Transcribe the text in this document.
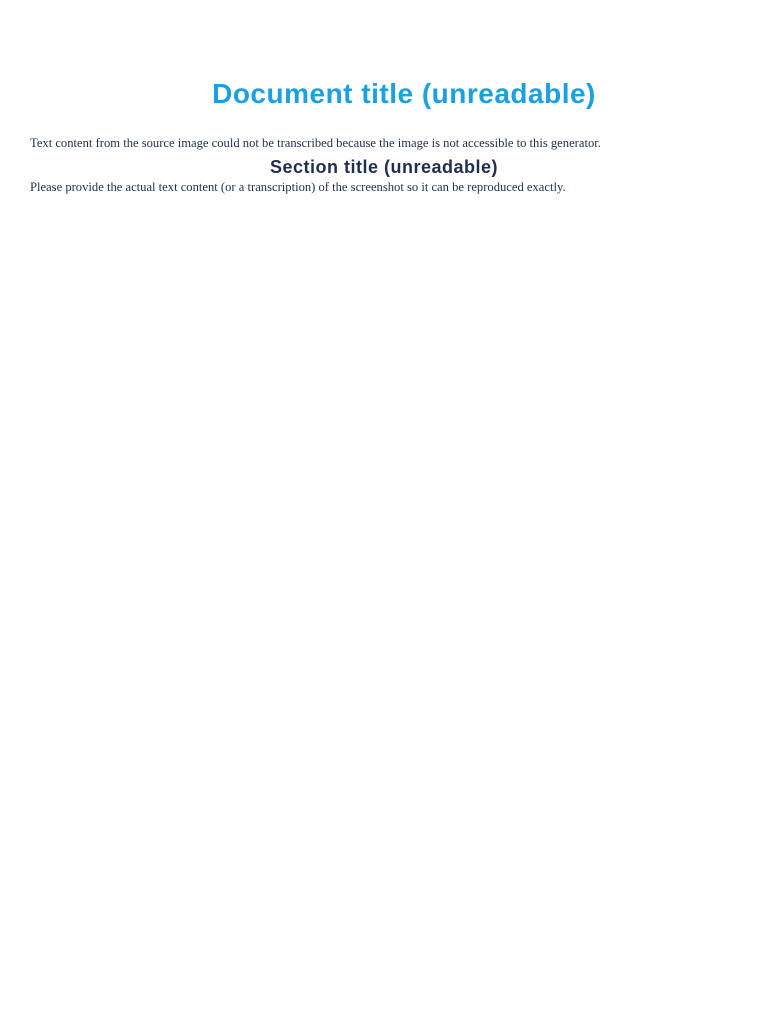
Document title (unreadable)

Text content from the source image could not be transcribed because the image is not accessible to this generator.

Section title (unreadable)

Please provide the actual text content (or a transcription) of the screenshot so it can be reproduced exactly.
